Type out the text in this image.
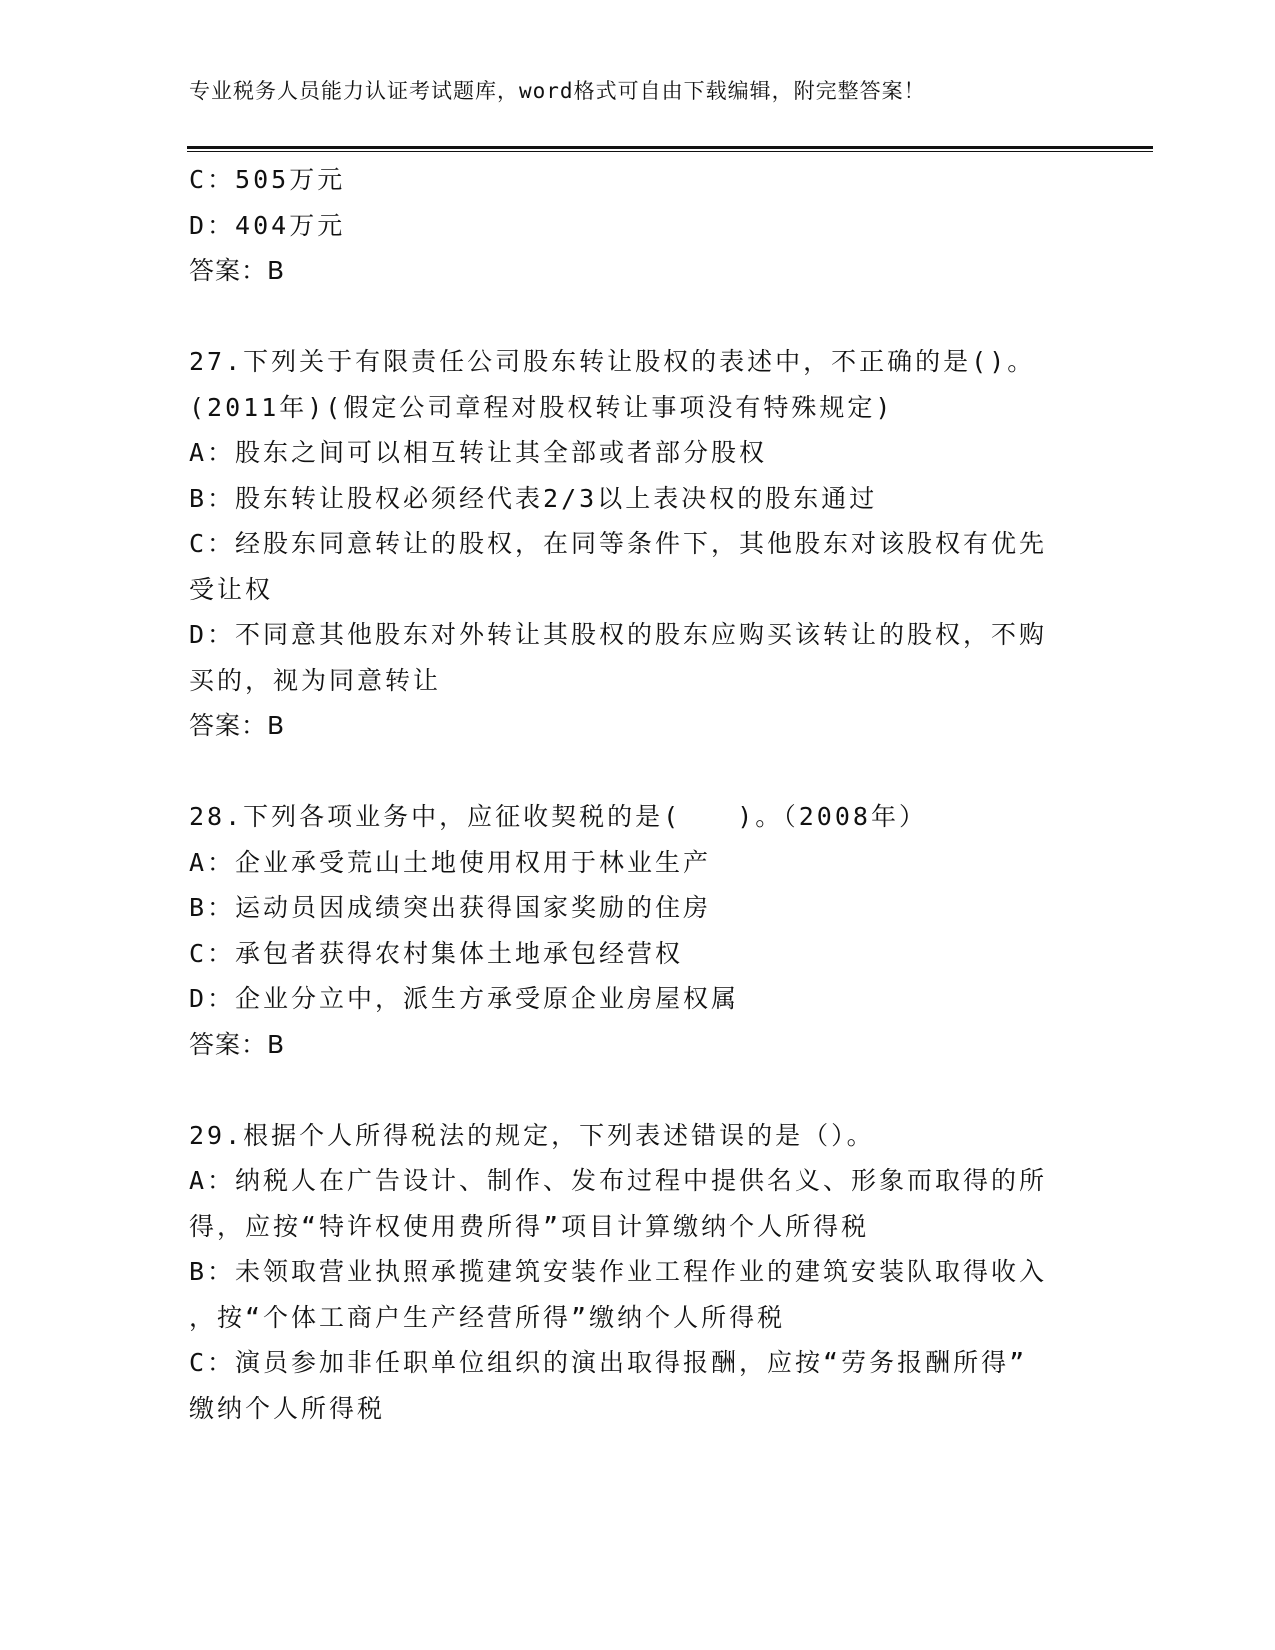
专业税务人员能力认证考试题库，word格式可自由下载编辑，附完整答案！

C：505万元

D：404万元

答案：B

27.下列关于有限责任公司股东转让股权的表述中，不正确的是()。

(2011年)(假定公司章程对股权转让事项没有特殊规定)

A：股东之间可以相互转让其全部或者部分股权

B：股东转让股权必须经代表2/3以上表决权的股东通过

C：经股东同意转让的股权，在同等条件下，其他股东对该股权有优先

受让权

D：不同意其他股东对外转让其股权的股东应购买该转让的股权，不购

买的，视为同意转让

答案：B

28.下列各项业务中，应征收契税的是(　　)。（2008年）

A：企业承受荒山土地使用权用于林业生产

B：运动员因成绩突出获得国家奖励的住房

C：承包者获得农村集体土地承包经营权

D：企业分立中，派生方承受原企业房屋权属

答案：B

29.根据个人所得税法的规定，下列表述错误的是（）。

A：纳税人在广告设计、制作、发布过程中提供名义、形象而取得的所

得，应按“特许权使用费所得”项目计算缴纳个人所得税

B：未领取营业执照承揽建筑安装作业工程作业的建筑安装队取得收入

，按“个体工商户生产经营所得”缴纳个人所得税

C：演员参加非任职单位组织的演出取得报酬，应按“劳务报酬所得”

缴纳个人所得税
